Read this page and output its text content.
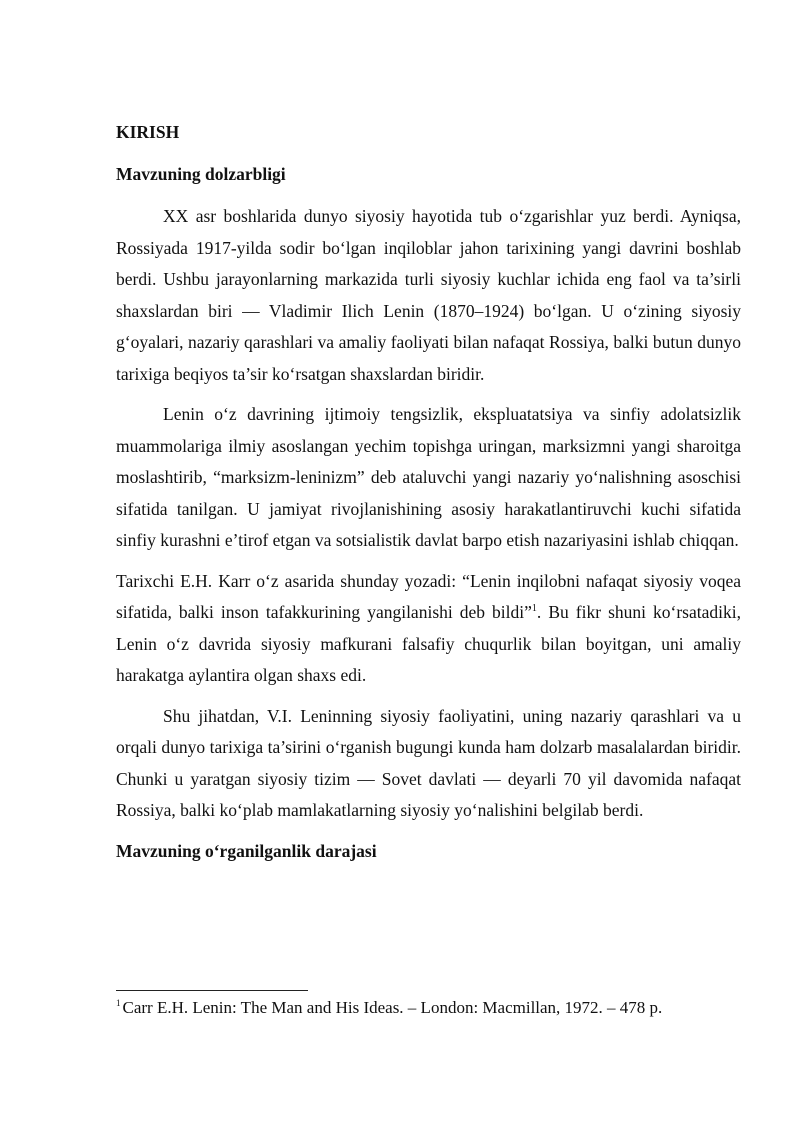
KIRISH
Mavzuning dolzarbligi

XX asr boshlarida dunyo siyosiy hayotida tub o‘zgarishlar yuz berdi. Ayniqsa, Rossiyada 1917-yilda sodir bo‘lgan inqiloblar jahon tarixining yangi davrini boshlab berdi. Ushbu jarayonlarning markazida turli siyosiy kuchlar ichida eng faol va ta’sirli shaxslardan biri — Vladimir Ilich Lenin (1870–1924) bo‘lgan. U o‘zining siyosiy g‘oyalari, nazariy qarashlari va amaliy faoliyati bilan nafaqat Rossiya, balki butun dunyo tarixiga beqiyos ta’sir ko‘rsatgan shaxslardan biridir.

Lenin o‘z davrining ijtimoiy tengsizlik, ekspluatatsiya va sinfiy adolatsizlik muammolariga ilmiy asoslangan yechim topishga uringan, marksizmni yangi sharoitga moslashtirib, “marksizm-leninizm” deb ataluvchi yangi nazariy yo‘nalishning asoschisi sifatida tanilgan. U jamiyat rivojlanishining asosiy harakatlantiruvchi kuchi sifatida sinfiy kurashni e’tirof etgan va sotsialistik davlat barpo etish nazariyasini ishlab chiqqan.

Tarixchi E.H. Karr o‘z asarida shunday yozadi: “Lenin inqilobni nafaqat siyosiy voqea sifatida, balki inson tafakkurining yangilanishi deb bildi”$^1$. Bu fikr shuni ko‘rsatadiki, Lenin o‘z davrida siyosiy mafkurani falsafiy chuqurlik bilan boyitgan, uni amaliy harakatga aylantira olgan shaxs edi.

Shu jihatdan, V.I. Leninning siyosiy faoliyatini, uning nazariy qarashlari va u orqali dunyo tarixiga ta’sirini o‘rganish bugungi kunda ham dolzarb masalalardan biridir. Chunki u yaratgan siyosiy tizim — Sovet davlati — deyarli 70 yil davomida nafaqat Rossiya, balki ko‘plab mamlakatlarning siyosiy yo‘nalishini belgilab berdi.

Mavzuning o‘rganilganlik darajasi
$^1$ Carr E.H. Lenin: The Man and His Ideas. – London: Macmillan, 1972. – 478 p.
